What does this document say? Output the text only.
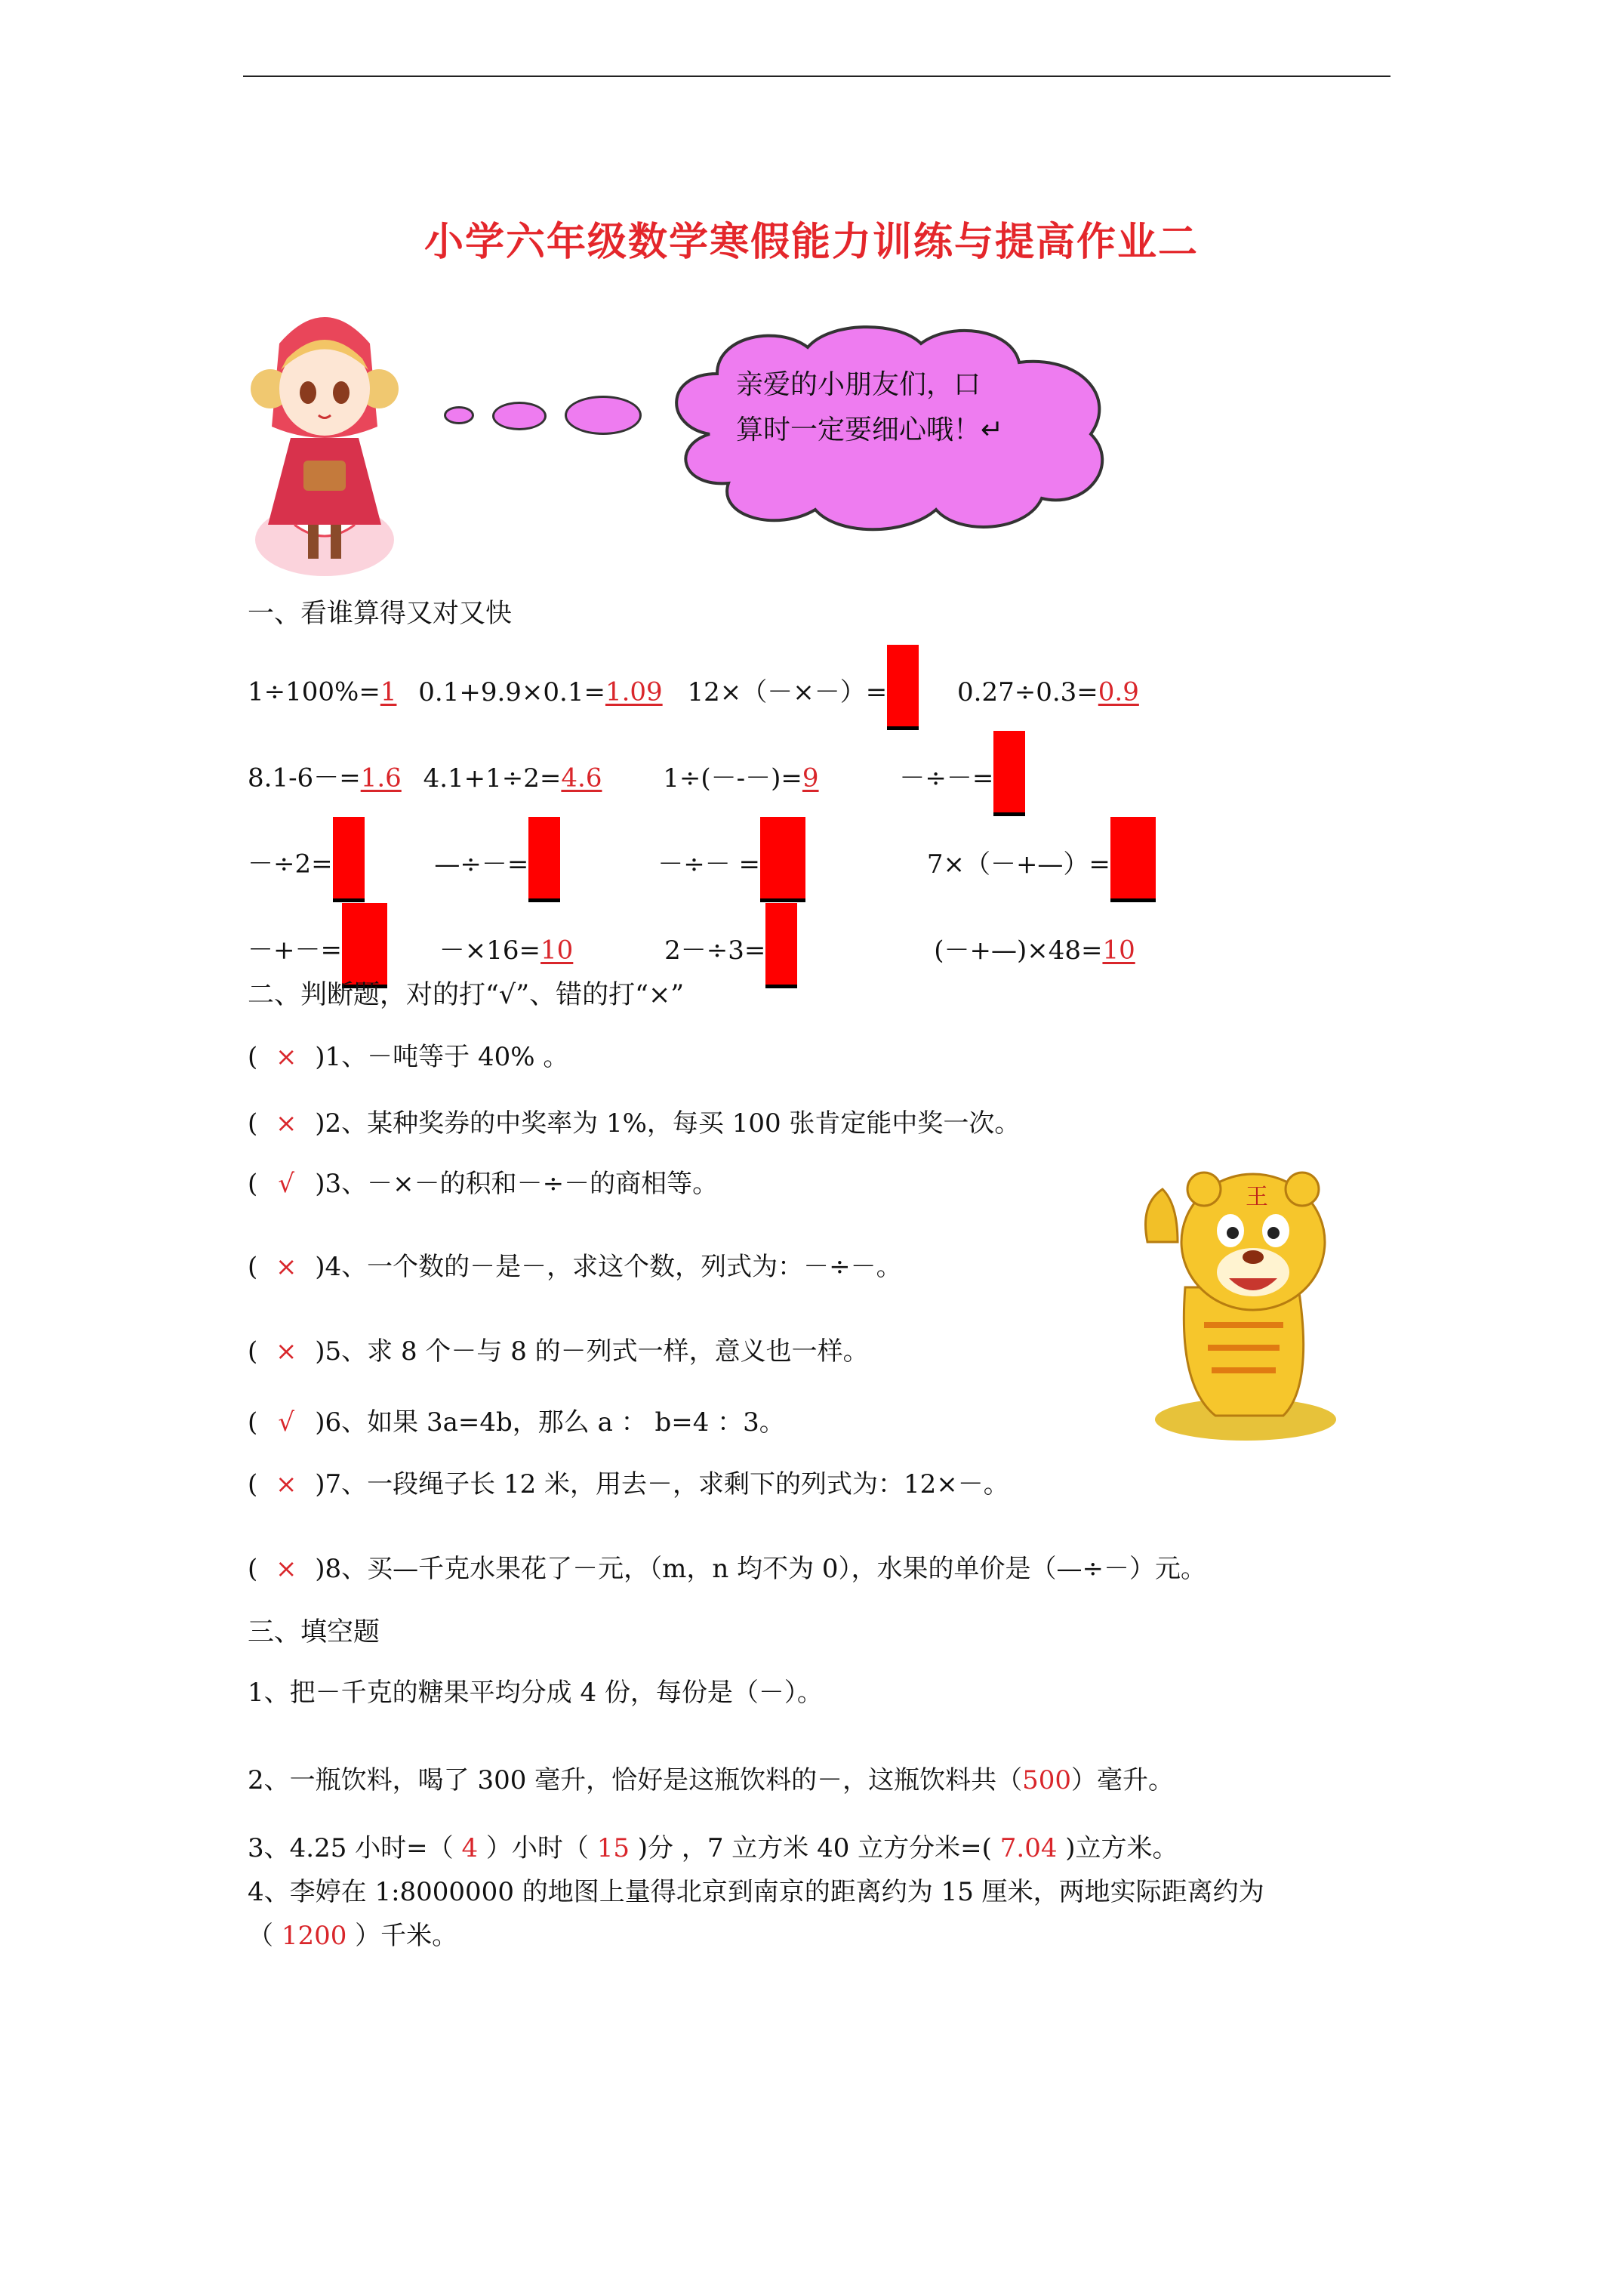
小学六年级数学寒假能力训练与提高作业二
亲爱的小朋友们，口
算时一定要细心哦！↵
一、看谁算得又对又快
1÷100%=1 0.1+9.9×0.1=1.09 12×（－×－）=	0.27÷0.3=0.9
8.1-6－=1.6 4.1+1÷2=4.6 1÷(－-－)=9	－÷－=
－÷2=	—÷－=	－÷－ =	7×（－+—）=
－+－=	－×16=10	2－÷3=	(－+—)×48=10
二、判断题，对的打“√”、错的打“×”
( × )1、－吨等于 40% 。
( × )2、某种奖券的中奖率为 1%，每买 100 张肯定能中奖一次。
( √ )3、－×－的积和－÷－的商相等。
( × )4、一个数的－是－，求这个数，列式为：－÷－。
( × )5、求 8 个－与 8 的－列式一样，意义也一样。
( √ )6、如果 3a=4b，那么 a ： b=4 ：3。
( × )7、一段绳子长 12 米，用去－，求剩下的列式为：12×－。
( × )8、买—千克水果花了－元，（m，n 均不为 0），水果的单价是（—÷－）元。
王
三、填空题
1、把－千克的糖果平均分成 4 份，每份是（－）。
2、一瓶饮料，喝了 300 毫升，恰好是这瓶饮料的－，这瓶饮料共（500）毫升。
3、4.25 小时=（ 4 ）小时（ 15 )分 ，7 立方米 40 立方分米=( 7.04 )立方米。
4、李婷在 1:8000000 的地图上量得北京到南京的距离约为 15 厘米，两地实际距离约为
（ 1200 ）千米。
